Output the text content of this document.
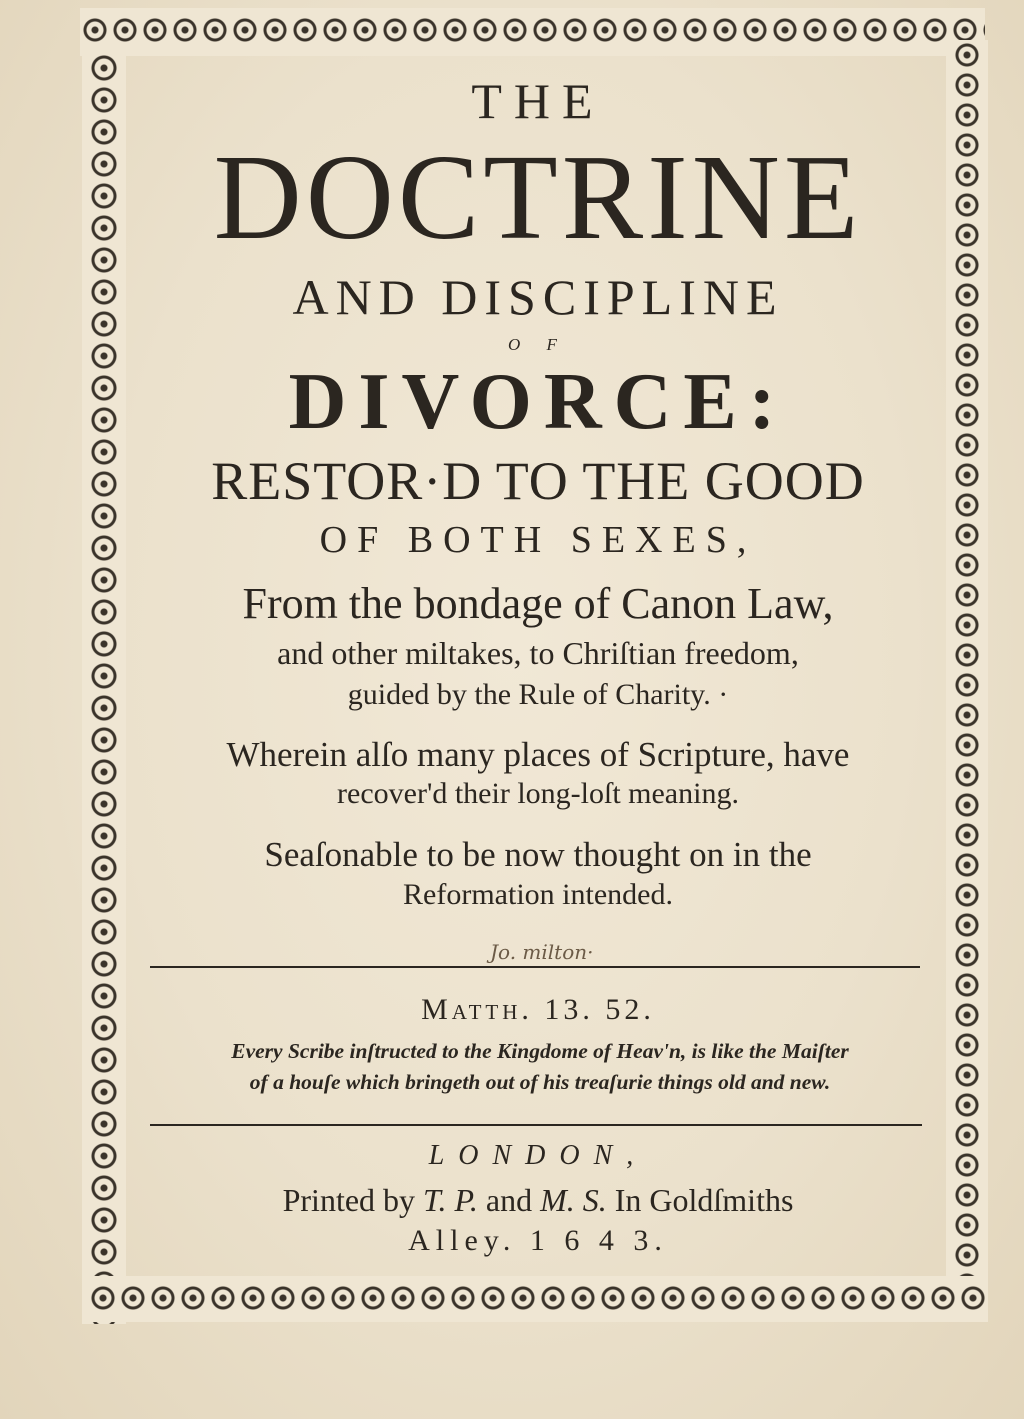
THE
DOCTRINE
AND DISCIPLINE
O F
DIVORCE:
RESTOR·D TO THE GOOD
OF BOTH SEXES,
From the bondage of Canon Law,
and other miltakes, to Chriſtian freedom,
guided by the Rule of Charity. ·
Wherein alſo many places of Scripture, have
recover'd their long-loſt meaning.
Seaſonable to be now thought on in the
Reformation intended.
Jo. milton·
Matth. 13. 52.
Every Scribe inſtructed to the Kingdome of Heav'n, is like the Maiſter
of a houſe which bringeth out of his treaſurie things old and new.
LONDON,
Printed by T. P. and M. S. In Goldſmiths
Alley. 1 6 4 3.
